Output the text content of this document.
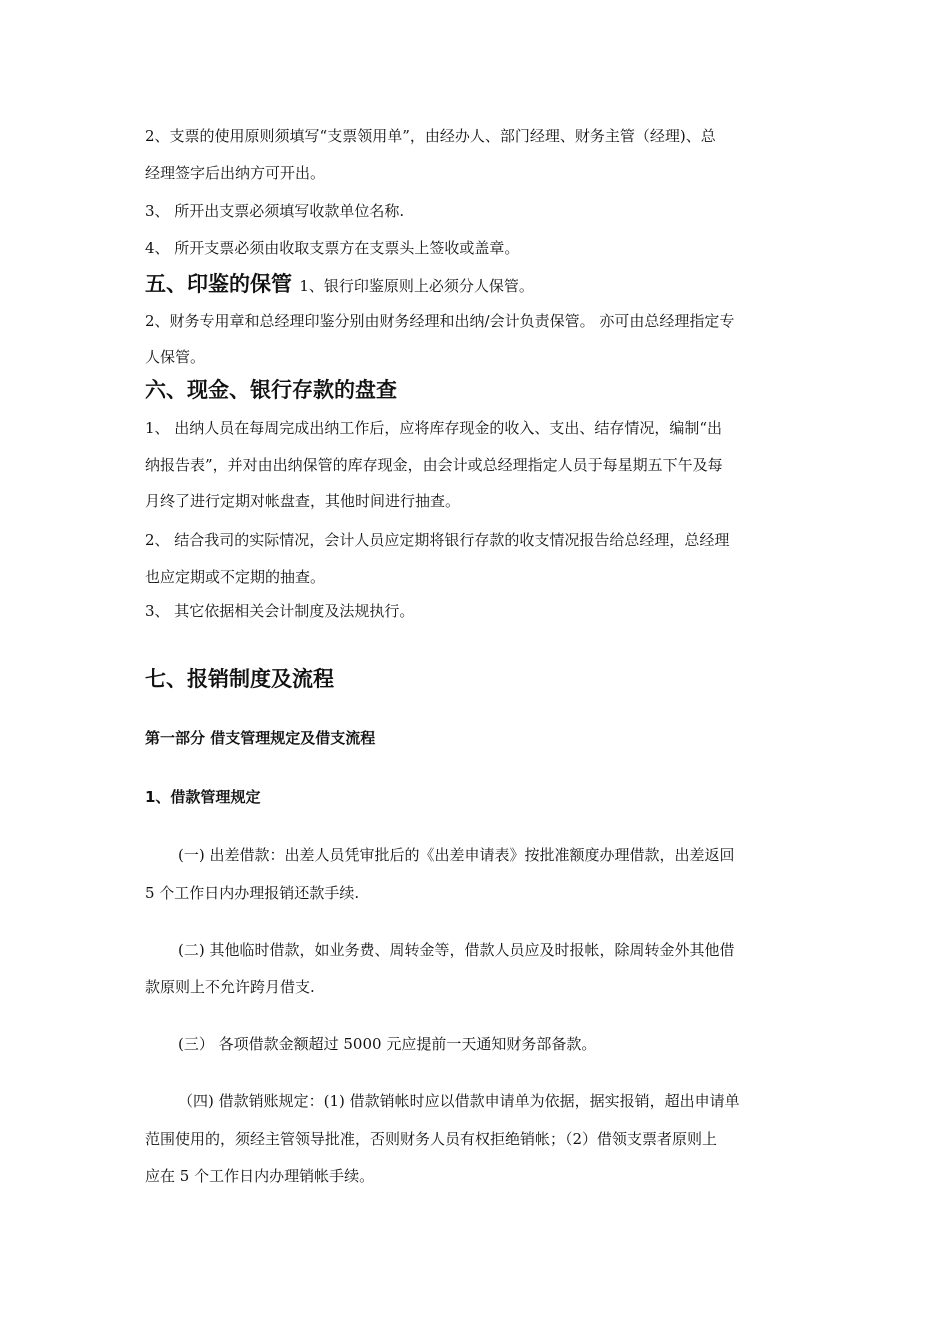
2、支票的使用原则须填写“支票领用单”，由经办人、部门经理、财务主管（经理)、总
经理签字后出纳方可开出。
3、 所开出支票必须填写收款单位名称.
4、 所开支票必须由收取支票方在支票头上签收或盖章。
五、印鉴的保管 1、银行印鉴原则上必须分人保管。
2、财务专用章和总经理印鉴分别由财务经理和出纳/会计负责保管。 亦可由总经理指定专
人保管。
六、现金、银行存款的盘查
1、 出纳人员在每周完成出纳工作后，应将库存现金的收入、支出、结存情况，编制“出
纳报告表”，并对由出纳保管的库存现金，由会计或总经理指定人员于每星期五下午及每
月终了进行定期对帐盘查，其他时间进行抽查。
2、 结合我司的实际情况，会计人员应定期将银行存款的收支情况报告给总经理，总经理
也应定期或不定期的抽查。
3、 其它依据相关会计制度及法规执行。
七、报销制度及流程
第一部分 借支管理规定及借支流程
1、借款管理规定
(一) 出差借款：出差人员凭审批后的《出差申请表》按批准额度办理借款，出差返回
5 个工作日内办理报销还款手续.
(二) 其他临时借款，如业务费、周转金等，借款人员应及时报帐，除周转金外其他借
款原则上不允许跨月借支.
(三） 各项借款金额超过 5000 元应提前一天通知财务部备款。
（四) 借款销账规定：(1) 借款销帐时应以借款申请单为依据，据实报销，超出申请单
范围使用的，须经主管领导批准，否则财务人员有权拒绝销帐；（2）借领支票者原则上
应在 5 个工作日内办理销帐手续。
